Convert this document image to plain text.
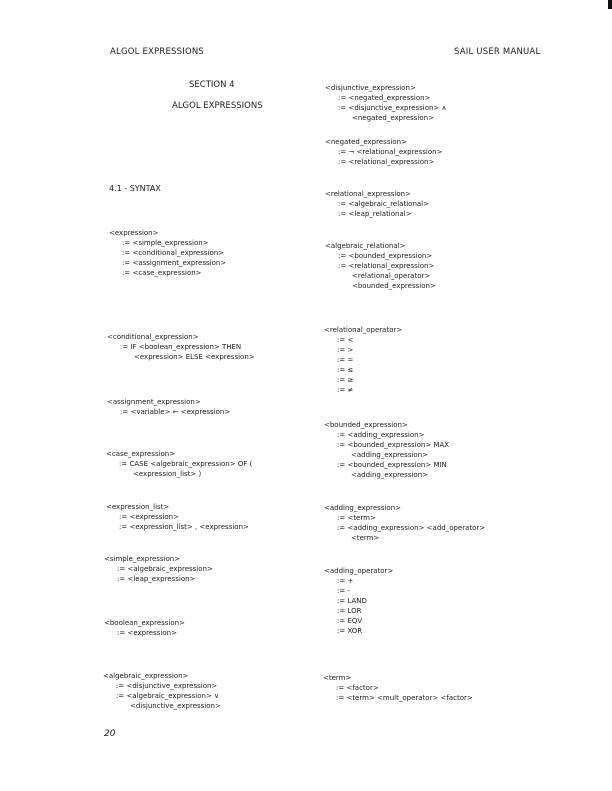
ALGOL EXPRESSIONS	SAIL USER MANUAL
SECTION 4
ALGOL EXPRESSIONS
4.1 - SYNTAX
<expression>
:= <simple_expression>
:= <conditional_expression>
:= <assignment_expression>
:= <case_expression>
<conditional_expression>
:= IF <boolean_expression> THEN
<expression> ELSE <expression>
<assignment_expression>
:= <variable> ← <expression>
<case_expression>
:= CASE <algebraic_expression> OF (
<expression_list> )
<expression_list>
:= <expression>
:= <expression_list> , <expression>
<simple_expression>
:= <algebraic_expression>
:= <leap_expression>
<boolean_expression>
:= <expression>
<algebraic_expression>
:= <disjunctive_expression>
:= <algebraic_expression> ∨
<disjunctive_expression>
<disjunctive_expression>
:= <negated_expression>
:= <disjunctive_expression> ∧
<negated_expression>
<negated_expression>
:= ¬ <relational_expression>
:= <relational_expression>
<relational_expression>
:= <algebraic_relational>
:= <leap_relational>
<algebraic_relational>
:= <bounded_expression>
:= <relational_expression>
<relational_operator>
<bounded_expression>
<relational_operator>
:= <
:= >
:= =
:= ≤
:= ≥
:= ≠
<bounded_expression>
:= <adding_expression>
:= <bounded_expression> MAX
<adding_expression>
:= <bounded_expression> MIN
<adding_expression>
<adding_expression>
:= <term>
:= <adding_expression> <add_operator>
<term>
<adding_operator>
:= +
:= -
:= LAND
:= LOR
:= EQV
:= XOR
<term>
:= <factor>
:= <term> <mult_operator> <factor>
20
